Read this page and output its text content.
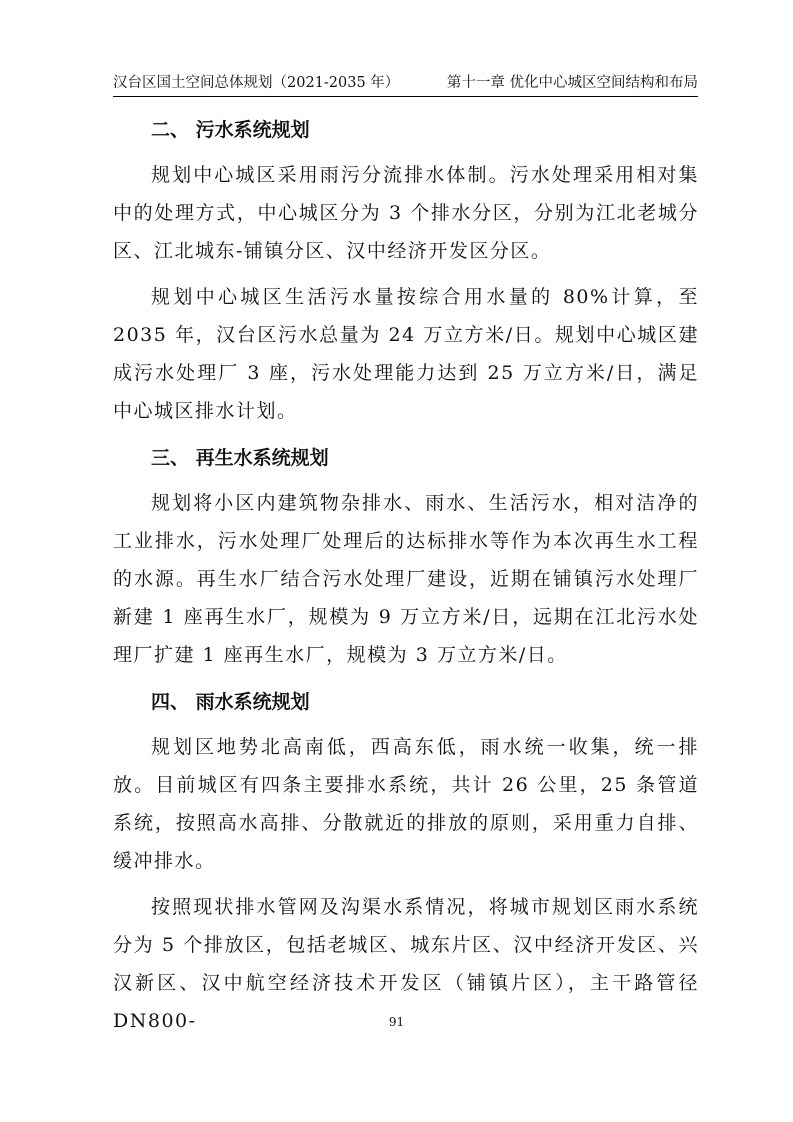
汉台区国土空间总体规划（2021-2035 年）	第十一章 优化中心城区空间结构和布局
二、 污水系统规划

规划中心城区采用雨污分流排水体制。污水处理采用相对集中的处理方式，中心城区分为 3 个排水分区，分别为江北老城分区、江北城东-铺镇分区、汉中经济开发区分区。

规划中心城区生活污水量按综合用水量的 80%计算，至 2035 年，汉台区污水总量为 24 万立方米/日。规划中心城区建成污水处理厂 3 座，污水处理能力达到 25 万立方米/日，满足中心城区排水计划。

三、 再生水系统规划

规划将小区内建筑物杂排水、雨水、生活污水，相对洁净的工业排水，污水处理厂处理后的达标排水等作为本次再生水工程的水源。再生水厂结合污水处理厂建设，近期在铺镇污水处理厂新建 1 座再生水厂，规模为 9 万立方米/日，远期在江北污水处理厂扩建 1 座再生水厂，规模为 3 万立方米/日。

四、 雨水系统规划

规划区地势北高南低，西高东低，雨水统一收集，统一排放。目前城区有四条主要排水系统，共计 26 公里，25 条管道系统，按照高水高排、分散就近的排放的原则，采用重力自排、缓冲排水。

按照现状排水管网及沟渠水系情况，将城市规划区雨水系统分为 5 个排放区，包括老城区、城东片区、汉中经济开发区、兴汉新区、汉中航空经济技术开发区（铺镇片区），主干路管径 DN800-	91
